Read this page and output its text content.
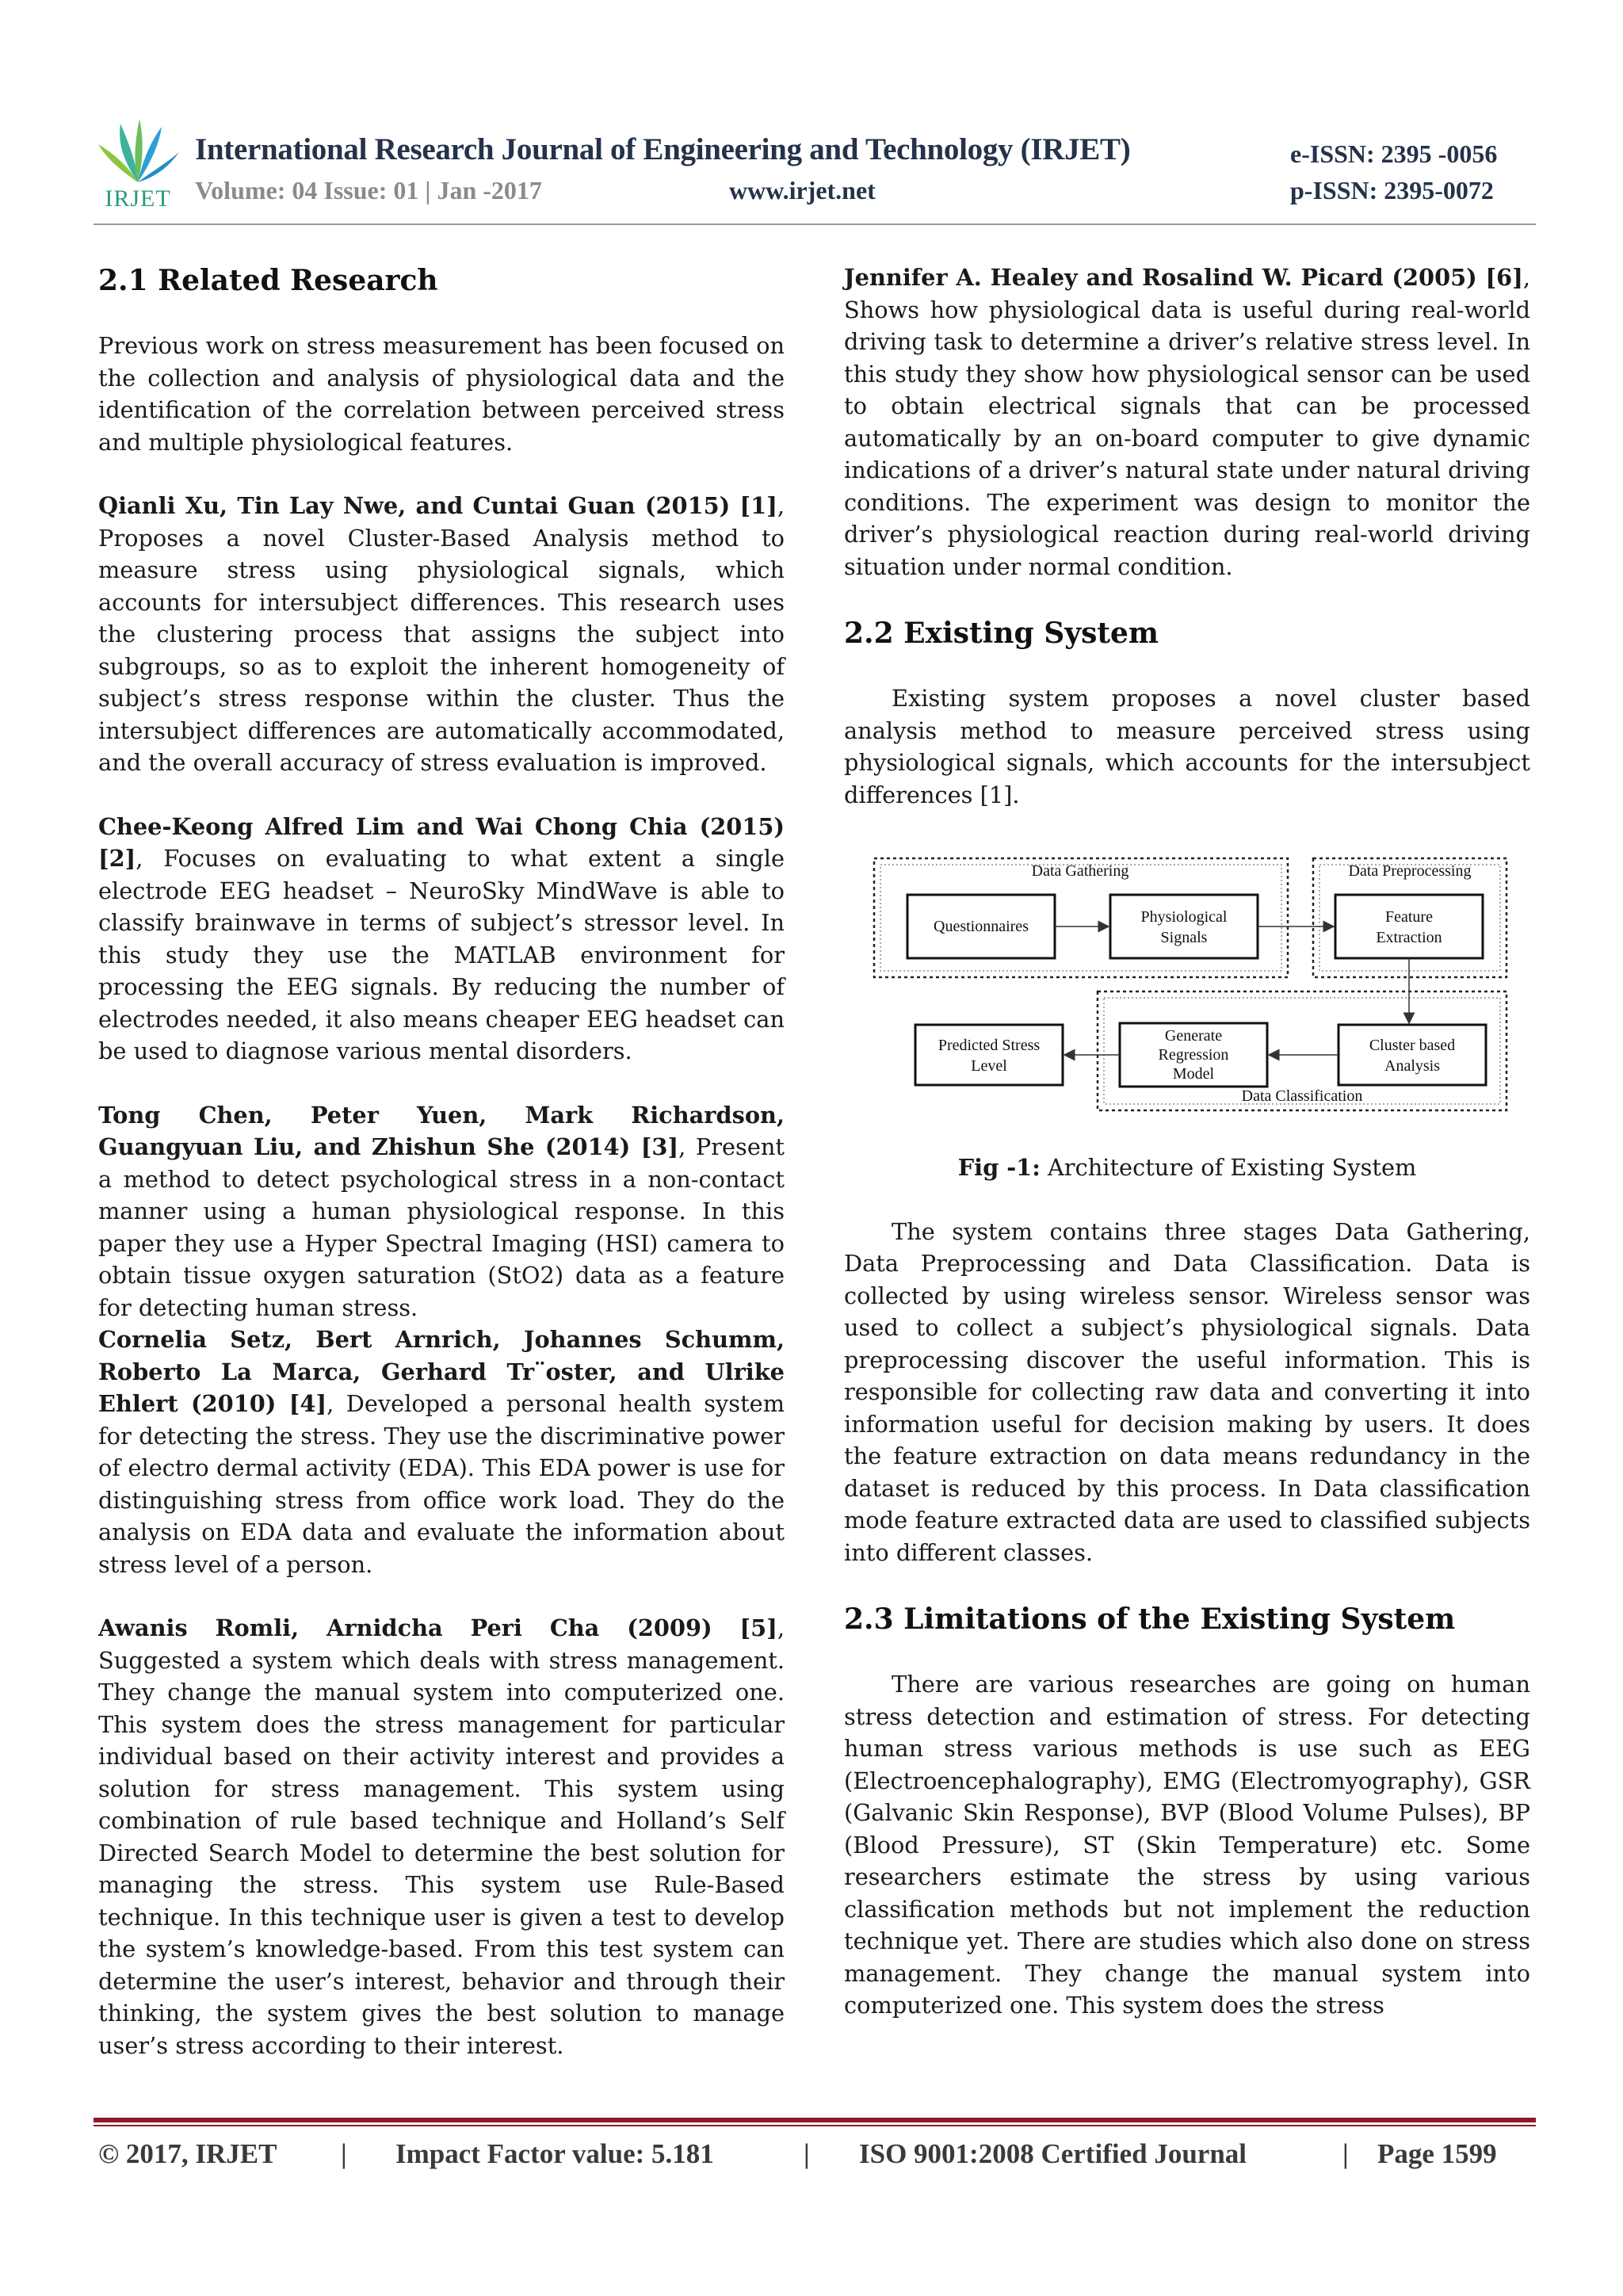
IRJET
International Research Journal of Engineering and Technology (IRJET)	e-ISSN: 2395 -0056
Volume: 04 Issue: 01 | Jan -2017	www.irjet.net	p-ISSN: 2395-0072
2.1 Related Research

Previous work on stress measurement has been focused on the collection and analysis of physiological data and the identification of the correlation between perceived stress and multiple physiological features.

Qianli Xu, Tin Lay Nwe, and Cuntai Guan (2015) [1], Proposes a novel Cluster-Based Analysis method to measure stress using physiological signals, which accounts for intersubject differences. This research uses the clustering process that assigns the subject into subgroups, so as to exploit the inherent homogeneity of subject’s stress response within the cluster. Thus the intersubject differences are automatically accommodated, and the overall accuracy of stress evaluation is improved.

Chee-Keong Alfred Lim and Wai Chong Chia (2015) [2], Focuses on evaluating to what extent a single electrode EEG headset – NeuroSky MindWave is able to classify brainwave in terms of subject’s stressor level. In this study they use the MATLAB environment for processing the EEG signals. By reducing the number of electrodes needed, it also means cheaper EEG headset can be used to diagnose various mental disorders.

Tong Chen, Peter Yuen, Mark Richardson, Guangyuan Liu, and Zhishun She (2014) [3], Present a method to detect psychological stress in a non-contact manner using a human physiological response. In this paper they use a Hyper Spectral Imaging (HSI) camera to obtain tissue oxygen saturation (StO2) data as a feature for detecting human stress.

Cornelia Setz, Bert Arnrich, Johannes Schumm, Roberto La Marca, Gerhard Tr¨oster, and Ulrike Ehlert (2010) [4], Developed a personal health system for detecting the stress. They use the discriminative power of electro dermal activity (EDA). This EDA power is use for distinguishing stress from office work load. They do the analysis on EDA data and evaluate the information about stress level of a person.

Awanis Romli, Arnidcha Peri Cha (2009) [5], Suggested a system which deals with stress management. They change the manual system into computerized one. This system does the stress management for particular individual based on their activity interest and provides a solution for stress management. This system using combination of rule based technique and Holland’s Self Directed Search Model to determine the best solution for managing the stress. This system use Rule-Based technique. In this technique user is given a test to develop the system’s knowledge-based. From this test system can determine the user’s interest, behavior and through their thinking, the system gives the best solution to manage user’s stress according to their interest.

Jennifer A. Healey and Rosalind W. Picard (2005) [6], Shows how physiological data is useful during real-world driving task to determine a driver’s relative stress level. In this study they show how physiological sensor can be used to obtain electrical signals that can be processed automatically by an on-board computer to give dynamic indications of a driver’s natural state under natural driving conditions. The experiment was design to monitor the driver’s physiological reaction during real-world driving situation under normal condition.

2.2 Existing System

Existing system proposes a novel cluster based analysis method to measure perceived stress using physiological signals, which accounts for the intersubject differences [1].

Data Gathering	Data Preprocessing
Data Classification
Questionnaires
Physiological
Signals
Feature
Extraction
Cluster based
Analysis
Generate
Regression
Model
Predicted Stress
Level

Fig -1: Architecture of Existing System

The system contains three stages Data Gathering, Data Preprocessing and Data Classification. Data is collected by using wireless sensor. Wireless sensor was used to collect a subject’s physiological signals. Data preprocessing discover the useful information. This is responsible for collecting raw data and converting it into information useful for decision making by users. It does the feature extraction on data means redundancy in the dataset is reduced by this process. In Data classification mode feature extracted data are used to classified subjects into different classes.

2.3 Limitations of the Existing System

There are various researches are going on human stress detection and estimation of stress. For detecting human stress various methods is use such as EEG (Electroencephalography), EMG (Electromyography), GSR (Galvanic Skin Response), BVP (Blood Volume Pulses), BP (Blood Pressure), ST (Skin Temperature) etc. Some researchers estimate the stress by using various classification methods but not implement the reduction technique yet. There are studies which also done on stress management. They change the manual system into computerized one. This system does the stress

© 2017, IRJET | Impact Factor value: 5.181	| ISO 9001:2008 Certified Journal	| Page 1599
